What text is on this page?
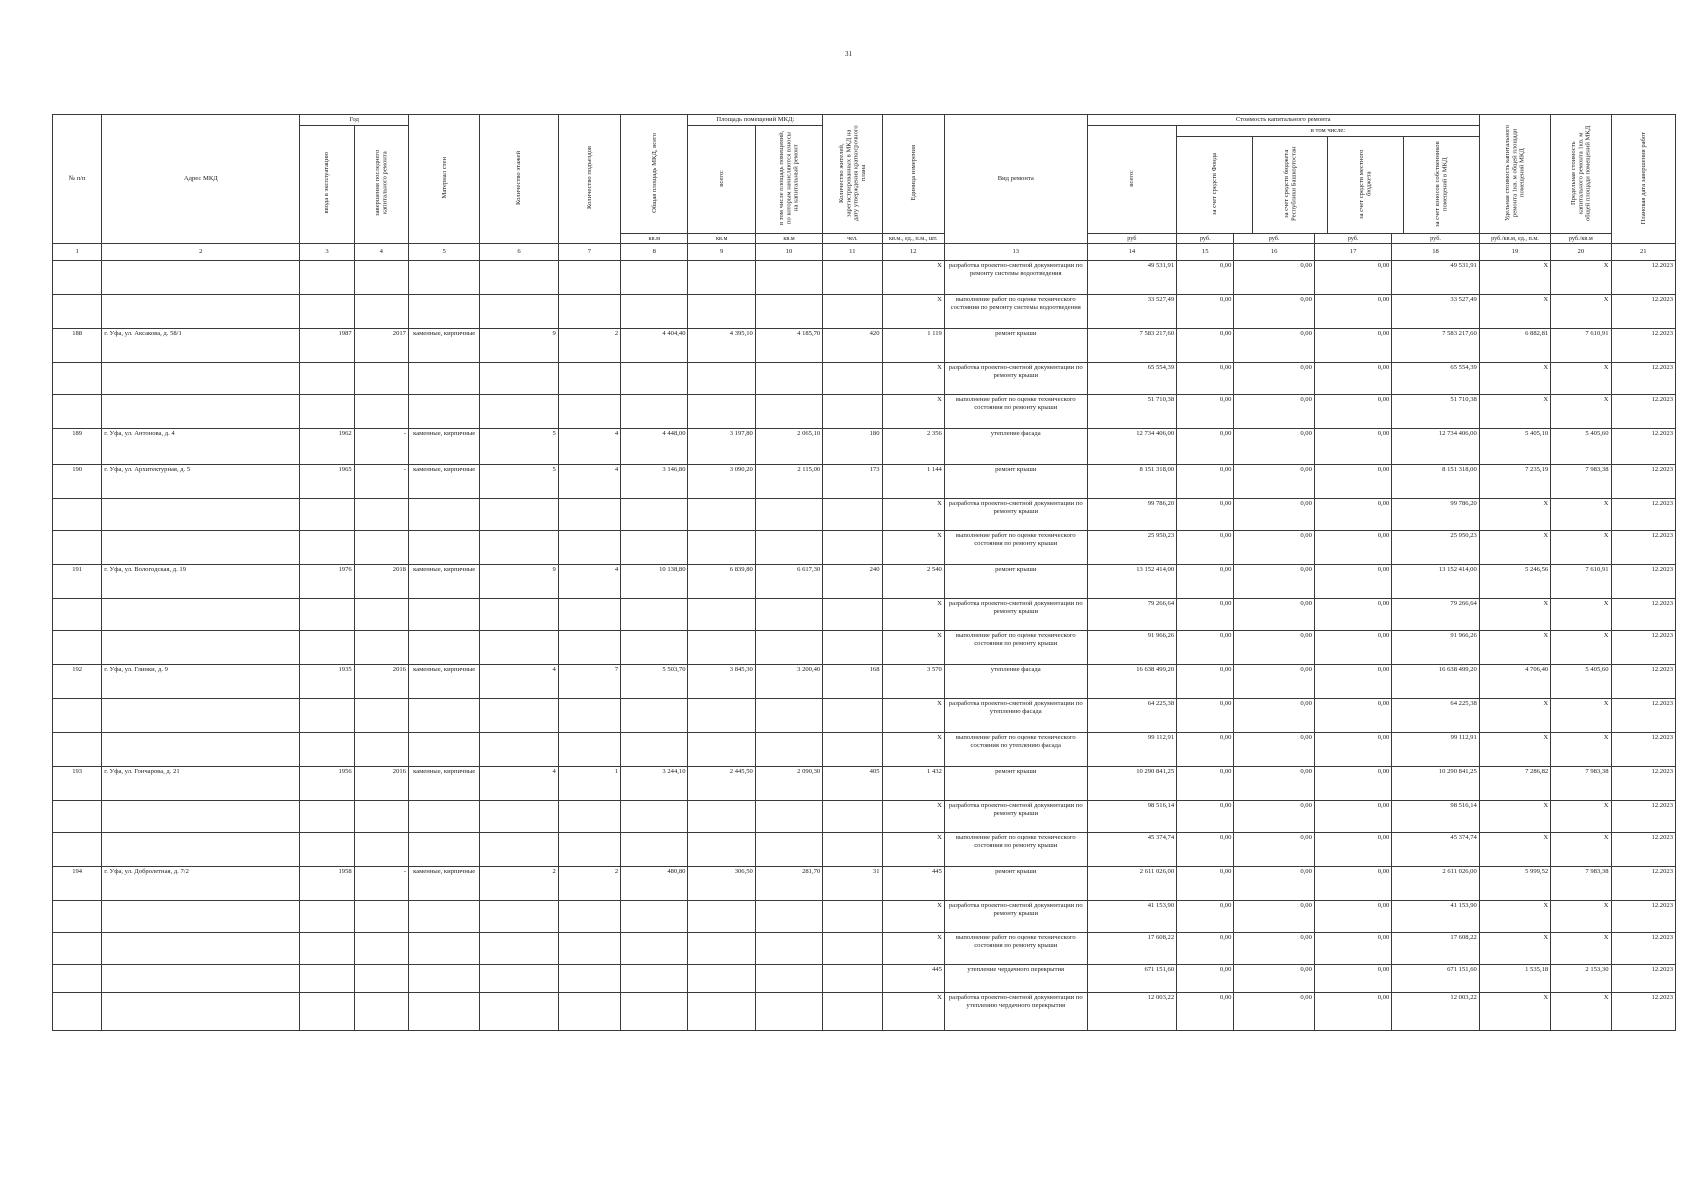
31
№ п/п	Адрес МКД	Год	Материал стен	Количество этажей	Количество подъездов	Общая площадь МКД, всего	Площадь помещений МКД:	Количество жителей, зарегистрированных в МКД на дату утверждения краткосрочного плана	Единица измерения	Вид ремонта	Стоимость капитального ремонта	Удельная стоимость капитального ремонта 1кв. м общей площади помещений МКД	Предельная стоимость капитального ремонта 1кв. м общей площади помещений МКД	Плановая дата завершения работ
ввода в эксплуатацию	завершения последнего капитального ремонта	всего:	в том числе площадь помещений, по которым начисляются взносы на капитальный ремонт	всего:	
в том числе:
за счет средств Фонда	за счет средств бюджета Республики Башкортостан	за счет средств местного бюджета	за счет взносов собственников помещений в МКД

кв.м	кв.м	кв.м	чел.	кв.м., ед., п.м., шт.	руб	руб.	руб.	руб.	руб.	руб./кв.м, ед., п.м.	руб./кв.м
1	2	3	4	5	6	7	8	9	10	11	12	13	14	15	16	17	18	19	20	21
											X	разработка проектно-сметной документации по ремонту системы водоотведения	49 531,91	0,00	0,00	0,00	49 531,91	X	X	12.2023
											X	выполнение работ по оценке технического состояния по ремонту системы водоотведения	33 527,49	0,00	0,00	0,00	33 527,49	X	X	12.2023
188	г. Уфа, ул. Аксакова, д. 58/1	1987	2017	каменные, кирпичные	9	2	4 404,40	4 395,10	4 185,70	420	1 119	ремонт крыши	7 583 217,60	0,00	0,00	0,00	7 583 217,60	6 882,81	7 610,91	12.2023
											X	разработка проектно-сметной документации по ремонту крыши	65 554,39	0,00	0,00	0,00	65 554,39	X	X	12.2023
											X	выполнение работ по оценке технического состояния по ремонту крыши	51 710,38	0,00	0,00	0,00	51 710,38	X	X	12.2023
189	г. Уфа, ул. Антонова, д. 4	1962	-	каменные, кирпичные	5	4	4 448,00	3 197,80	2 065,10	180	2 356	утепление фасада	12 734 406,00	0,00	0,00	0,00	12 734 406,00	5 405,10	5 405,60	12.2023
190	г. Уфа, ул. Архитектурная, д. 5	1965	-	каменные, кирпичные	5	4	3 146,80	3 090,20	2 115,00	173	1 144	ремонт крыши	8 151 318,00	0,00	0,00	0,00	8 151 318,00	7 235,19	7 983,38	12.2023
											X	разработка проектно-сметной документации по ремонту крыши	99 786,20	0,00	0,00	0,00	99 786,20	X	X	12.2023
											X	выполнение работ по оценке технического состояния по ремонту крыши	25 950,23	0,00	0,00	0,00	25 950,23	X	X	12.2023
191	г. Уфа, ул. Вологодская, д. 19	1976	2018	каменные, кирпичные	9	4	10 138,80	6 839,80	6 617,30	240	2 540	ремонт крыши	13 152 414,00	0,00	0,00	0,00	13 152 414,00	5 246,56	7 610,91	12.2023
											X	разработка проектно-сметной документации по ремонту крыши	79 266,64	0,00	0,00	0,00	79 266,64	X	X	12.2023
											X	выполнение работ по оценке технического состояния по ремонту крыши	91 966,26	0,00	0,00	0,00	91 966,26	X	X	12.2023
192	г. Уфа, ул. Глинки, д. 9	1935	2016	каменные, кирпичные	4	7	5 503,70	3 845,30	3 200,40	168	3 570	утепление фасада	16 638 499,20	0,00	0,00	0,00	16 638 499,20	4 706,40	5 405,60	12.2023
											X	разработка проектно-сметной документации по утеплению фасада	64 225,38	0,00	0,00	0,00	64 225,38	X	X	12.2023
											X	выполнение работ по оценке технического состояния по утеплению фасада	99 112,91	0,00	0,00	0,00	99 112,91	X	X	12.2023
193	г. Уфа, ул. Гончарова, д. 21	1956	2016	каменные, кирпичные	4	1	3 244,10	2 445,50	2 090,30	405	1 432	ремонт крыши	10 290 841,25	0,00	0,00	0,00	10 290 841,25	7 286,82	7 983,38	12.2023
											X	разработка проектно-сметной документации по ремонту крыши	98 516,14	0,00	0,00	0,00	98 516,14	X	X	12.2023
											X	выполнение работ по оценке технического состояния по ремонту крыши	45 374,74	0,00	0,00	0,00	45 374,74	X	X	12.2023
194	г. Уфа, ул. Добролетная, д. 7/2	1958	-	каменные, кирпичные	2	2	480,80	306,50	281,70	31	445	ремонт крыши	2 611 026,00	0,00	0,00	0,00	2 611 026,00	5 999,52	7 983,38	12.2023
											X	разработка проектно-сметной документации по ремонту крыши	41 153,90	0,00	0,00	0,00	41 153,90	X	X	12.2023
											X	выполнение работ по оценке технического состояния по ремонту крыши	17 608,22	0,00	0,00	0,00	17 608,22	X	X	12.2023
											445	утепление чердачного перекрытия	671 151,60	0,00	0,00	0,00	671 151,60	1 535,18	2 153,30	12.2023
											X	разработка проектно-сметной документации по утеплению чердачного перекрытия	12 003,22	0,00	0,00	0,00	12 003,22	X	X	12.2023
